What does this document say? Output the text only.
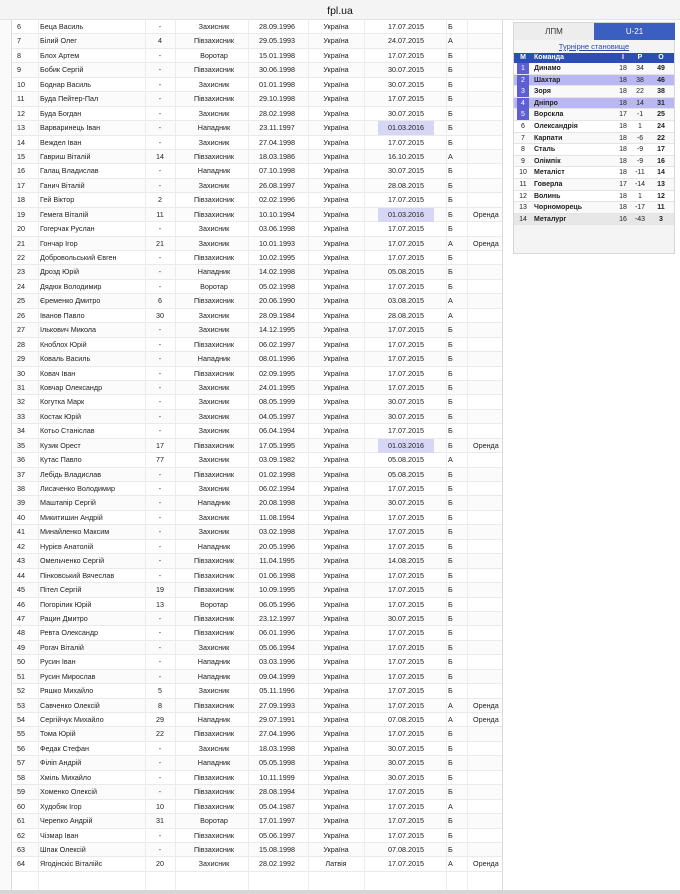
fpl.ua
6	Беца Василь	-	Захисник	28.09.1996	Україна	17.07.2015	Б
7	Білий Олег	4	Півзахисник	29.05.1993	Україна	24.07.2015	А
8	Блох Артем	-	Воротар	15.01.1998	Україна	17.07.2015	Б
9	Бобик Сергій	-	Півзахисник	30.06.1998	Україна	30.07.2015	Б
10	Боднар Василь	-	Захисник	01.01.1998	Україна	30.07.2015	Б
11	Буда Пейтер-Пал	-	Півзахисник	29.10.1998	Україна	17.07.2015	Б
12	Буда Богдан	-	Захисник	28.02.1998	Україна	30.07.2015	Б
13	Варваринець Іван	-	Нападник	23.11.1997	Україна	01.03.2016	Б
14	Веждел Іван	-	Захисник	27.04.1998	Україна	17.07.2015	Б
15	Гавриш Віталій	14	Півзахисник	18.03.1986	Україна	16.10.2015	А
16	Галац Владислав	-	Нападник	07.10.1998	Україна	30.07.2015	Б
17	Ганич Віталій	-	Захисник	26.08.1997	Україна	28.08.2015	Б
18	Гей Віктор	2	Півзахисник	02.02.1996	Україна	17.07.2015	Б
19	Гемега Віталій	11	Півзахисник	10.10.1994	Україна	01.03.2016	Б	Оренда
20	Гогерчак Руслан	-	Захисник	03.06.1998	Україна	17.07.2015	Б
21	Гончар Ігор	21	Захисник	10.01.1993	Україна	17.07.2015	А	Оренда
22	Добровольський Євген	-	Півзахисник	10.02.1995	Україна	17.07.2015	Б
23	Дрозд Юрій	-	Нападник	14.02.1998	Україна	05.08.2015	Б
24	Дядюк Володимир	-	Воротар	05.02.1998	Україна	17.07.2015	Б
25	Єременко Дмитро	6	Півзахисник	20.06.1990	Україна	03.08.2015	А
26	Іванов Павло	30	Захисник	28.09.1984	Україна	28.08.2015	А
27	Ількович Микола	-	Захисник	14.12.1995	Україна	17.07.2015	Б
28	Кноблох Юрій	-	Півзахисник	06.02.1997	Україна	17.07.2015	Б
29	Коваль Василь	-	Нападник	08.01.1996	Україна	17.07.2015	Б
30	Ковач Іван	-	Півзахисник	02.09.1995	Україна	17.07.2015	Б
31	Ковчар Олександр	-	Захисник	24.01.1995	Україна	17.07.2015	Б
32	Когутка Марк	-	Захисник	08.05.1999	Україна	30.07.2015	Б
33	Костак Юрій	-	Захисник	04.05.1997	Україна	30.07.2015	Б
34	Котьо Станіслав	-	Захисник	06.04.1994	Україна	17.07.2015	Б
35	Кузик Орест	17	Півзахисник	17.05.1995	Україна	01.03.2016	Б	Оренда
36	Кутас Павло	77	Захисник	03.09.1982	Україна	05.08.2015	А
37	Лебідь Владислав	-	Півзахисник	01.02.1998	Україна	05.08.2015	Б
38	Лисаченко Володимир	-	Захисник	06.02.1994	Україна	17.07.2015	Б
39	Маштапір Сергій	-	Нападник	20.08.1998	Україна	30.07.2015	Б
40	Микитишин Андрій	-	Захисник	11.08.1994	Україна	17.07.2015	Б
41	Минайленко Максим	-	Захисник	03.02.1998	Україна	17.07.2015	Б
42	Нурієв Анатолій	-	Нападник	20.05.1996	Україна	17.07.2015	Б
43	Омельченко Сергій	-	Півзахисник	11.04.1995	Україна	14.08.2015	Б
44	Пінковський Вячеслав	-	Півзахисник	01.06.1998	Україна	17.07.2015	Б
45	Пітел Сергій	19	Півзахисник	10.09.1995	Україна	17.07.2015	Б
46	Погорілик Юрій	13	Воротар	06.05.1996	Україна	17.07.2015	Б
47	Рацин Дмитро	-	Півзахисник	23.12.1997	Україна	30.07.2015	Б
48	Ревта Олександр	-	Півзахисник	06.01.1996	Україна	17.07.2015	Б
49	Рогач Віталій	-	Захисник	05.06.1994	Україна	17.07.2015	Б
50	Русин Іван	-	Нападник	03.03.1996	Україна	17.07.2015	Б
51	Русин Мирослав	-	Нападник	09.04.1999	Україна	17.07.2015	Б
52	Ряшко Михайло	5	Захисник	05.11.1996	Україна	17.07.2015	Б
53	Савченко Олексій	8	Півзахисник	27.09.1993	Україна	17.07.2015	А	Оренда
54	Сергійчук Михайло	29	Нападник	29.07.1991	Україна	07.08.2015	А	Оренда
55	Тома Юрій	22	Півзахисник	27.04.1996	Україна	17.07.2015	Б
56	Федак Стефан	-	Захисник	18.03.1998	Україна	30.07.2015	Б
57	Філіп Андрій	-	Нападник	05.05.1998	Україна	30.07.2015	Б
58	Хміль Михайло	-	Півзахисник	10.11.1999	Україна	30.07.2015	Б
59	Хоменко Олексій	-	Півзахисник	28.08.1994	Україна	17.07.2015	Б
60	Худобяк Ігор	10	Півзахисник	05.04.1987	Україна	17.07.2015	А
61	Черепко Андрій	31	Воротар	17.01.1997	Україна	17.07.2015	Б
62	Чізмар Іван	-	Півзахисник	05.06.1997	Україна	17.07.2015	Б
63	Шпак Олексій	-	Півзахисник	15.08.1998	Україна	07.08.2015	Б
64	Ягодінскіс Віталійс	20	Захисник	28.02.1992	Латвія	17.07.2015	А	Оренда
ЛПМ	U-21
Турнірне становище
М	Команда	І	Р	О
1	Динамо	18	34	49
2	Шахтар	18	38	46
3	Зоря	18	22	38
4	Дніпро	18	14	31
5	Ворскла	17	-1	25
6	Олександрія	18	1	24
7	Карпати	18	-6	22
8	Сталь	18	-9	17
9	Олімпік	18	-9	16
10	Металіст	18	-11	14
11	Говерла	17	-14	13
12	Волинь	18	1	12
13	Чорноморець	18	-17	11
14	Металург	16	-43	3
